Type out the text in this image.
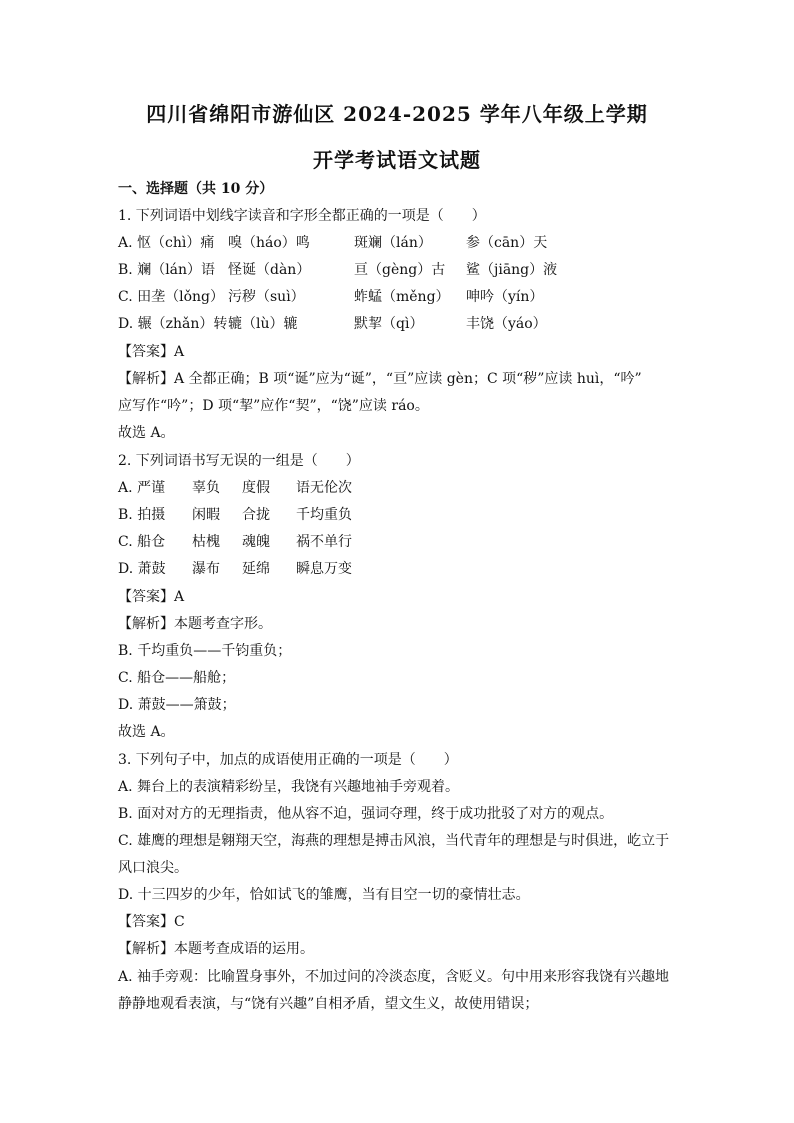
四川省绵阳市游仙区 2024-2025 学年八年级上学期
开学考试语文试题
一、选择题（共 10 分）
1. 下列词语中划线字读音和字形全都正确的一项是（　　）
A. 怄（chì）痛 嗅（háo）鸣	斑斓（lán） 参（cān）天
B. 斓（lán）语 怪诞（dàn）	亘（gèng）古 鲨（jiāng）液
C. 田垄（lǒng） 污秽（suì）	蚱蜢（měng） 呻吟（yín）
D. 辗（zhǎn）转 辘（lù）辘	默挈（qì）	丰饶（yáo）
【答案】A
【解析】A 全都正确；B 项“诞”应为“诞”，“亘”应读 gèn；C 项“秽”应读 huì，“吟”
应写作“吟”；D 项“挈”应作“契”，“饶”应读 ráo。
故选 A。
2. 下列词语书写无误的一组是（　　）
A. 严谨 辜负 度假 语无伦次
B. 拍摄 闲暇 合拢 千均重负
C. 船仓 枯槐 魂魄 祸不单行
D. 萧鼓 瀑布 延绵 瞬息万变
【答案】A
【解析】本题考查字形。
B. 千均重负——千钧重负；
C. 船仓——船舱；
D. 萧鼓——箫鼓；
故选 A。
3. 下列句子中，加点的成语使用正确的一项是（　　）
A. 舞台上的表演精彩纷呈，我饶有兴趣地袖手旁观着。
B. 面对对方的无理指责，他从容不迫，强词夺理，终于成功批驳了对方的观点。
C. 雄鹰的理想是翱翔天空，海燕的理想是搏击风浪，当代青年的理想是与时俱进，屹立于
风口浪尖。
D. 十三四岁的少年，恰如试飞的雏鹰，当有目空一切的豪情壮志。
【答案】C
【解析】本题考查成语的运用。
A. 袖手旁观：比喻置身事外，不加过问的冷淡态度，含贬义。句中用来形容我饶有兴趣地
静静地观看表演，与“饶有兴趣”自相矛盾，望文生义，故使用错误；
